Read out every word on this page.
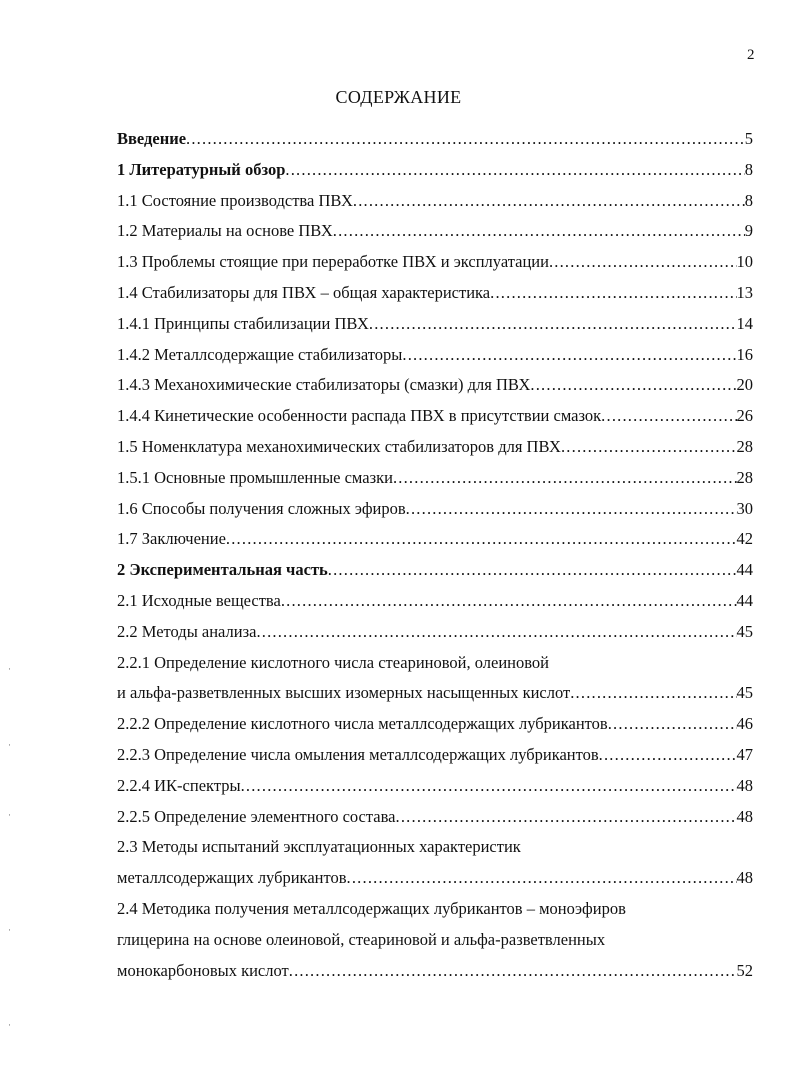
2
СОДЕРЖАНИЕ
Введение .....	5
1 Литературный обзор .....	8
1.1 Состояние производства ПВХ .....	8
1.2 Материалы на основе ПВХ .....	9
1.3 Проблемы стоящие при переработке ПВХ и эксплуатации .....	10
1.4 Стабилизаторы для ПВХ – общая характеристика .....	13
1.4.1 Принципы стабилизации ПВХ .....	14
1.4.2 Металлсодержащие стабилизаторы .....	16
1.4.3 Механохимические стабилизаторы (смазки) для ПВХ .....	20
1.4.4 Кинетические особенности распада ПВХ в присутствии смазок .....	26
1.5 Номенклатура механохимических стабилизаторов для ПВХ .....	28
1.5.1 Основные промышленные смазки .....	28
1.6 Способы получения сложных эфиров .....	30
1.7 Заключение .....	42
2 Экспериментальная часть .....	44
2.1 Исходные вещества .....	44
2.2 Методы анализа .....	45
2.2.1 Определение кислотного числа стеариновой, олеиновой
и альфа-разветвленных высших изомерных насыщенных кислот .....	45
2.2.2 Определение кислотного числа металлсодержащих лубрикантов .....	46
2.2.3 Определение числа омыления металлсодержащих лубрикантов .....	47
2.2.4 ИК-спектры .....	48
2.2.5 Определение элементного состава .....	48
2.3 Методы испытаний эксплуатационных характеристик
металлсодержащих лубрикантов .....	48
2.4 Методика получения металлсодержащих лубрикантов – моноэфиров
глицерина на основе олеиновой, стеариновой и альфа-разветвленных
монокарбоновых кислот .....	52
·
·
·
·
·
